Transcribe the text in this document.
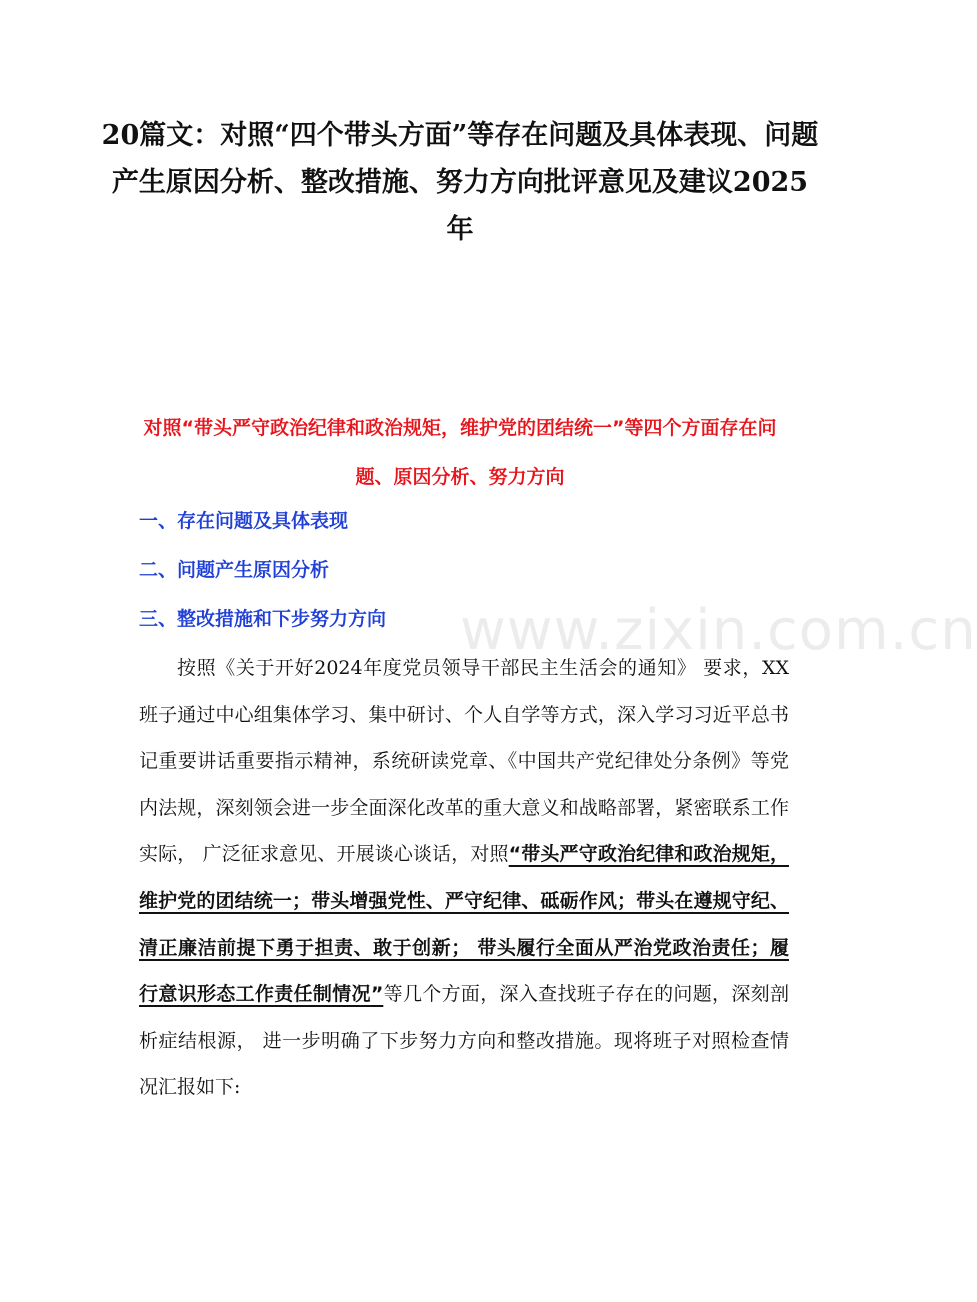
20篇文：对照“四个带头方面”等存在问题及具体表现、问题产生原因分析、整改措施、努力方向批评意见及建议2025年
对照“带头严守政治纪律和政治规矩，维护党的团结统一”等四个方面存在问题、原因分析、努力方向
一、存在问题及具体表现
二、问题产生原因分析
三、整改措施和下步努力方向

按照《关于开好2024年度党员领导干部民主生活会的通知》 要求，XX班子通过中心组集体学习、集中研讨、个人自学等方式，深入学习习近平总书记重要讲话重要指示精神，系统研读党章、《中国共产党纪律处分条例》等党内法规，深刻领会进一步全面深化改革的重大意义和战略部署，紧密联系工作实际， 广泛征求意见、开展谈心谈话，对照“带头严守政治纪律和政治规矩，维护党的团结统一；带头增强党性、严守纪律、砥砺作风；带头在遵规守纪、清正廉洁前提下勇于担责、敢于创新； 带头履行全面从严治党政治责任；履行意识形态工作责任制情况”等几个方面，深入查找班子存在的问题，深刻剖析症结根源， 进一步明确了下步努力方向和整改措施。现将班子对照检查情况汇报如下:

www.zixin.com.cn
